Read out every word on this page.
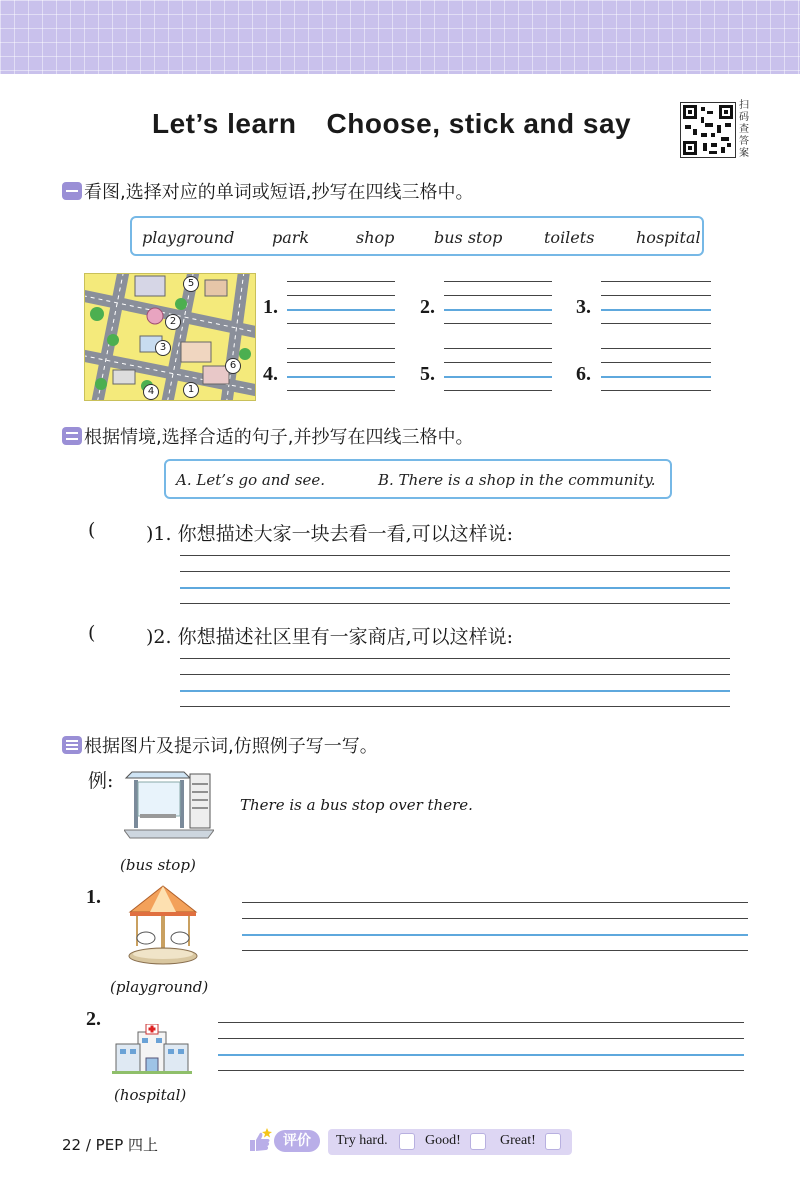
Let’s learn Choose, stick and say
扫码查答案
看图,选择对应的单词或短语,抄写在四线三格中。
playground park	shop bus stop	toilets	hospital
1
2
3
4
5
6
1.	2.	3.
4.	5.	6.
根据情境,选择合适的句子,并抄写在四线三格中。
A. Let’s go and see.	B. There is a shop in the community.
(	)1. 你想描述大家一块去看一看,可以这样说:
(	)2. 你想描述社区里有一家商店,可以这样说:
根据图片及提示词,仿照例子写一写。
例:
There is a bus stop over there.
(bus stop)
1.
(playground)
2.
(hospital)
22 / PEP 四上	评价	Try hard.	Good!	Great!
